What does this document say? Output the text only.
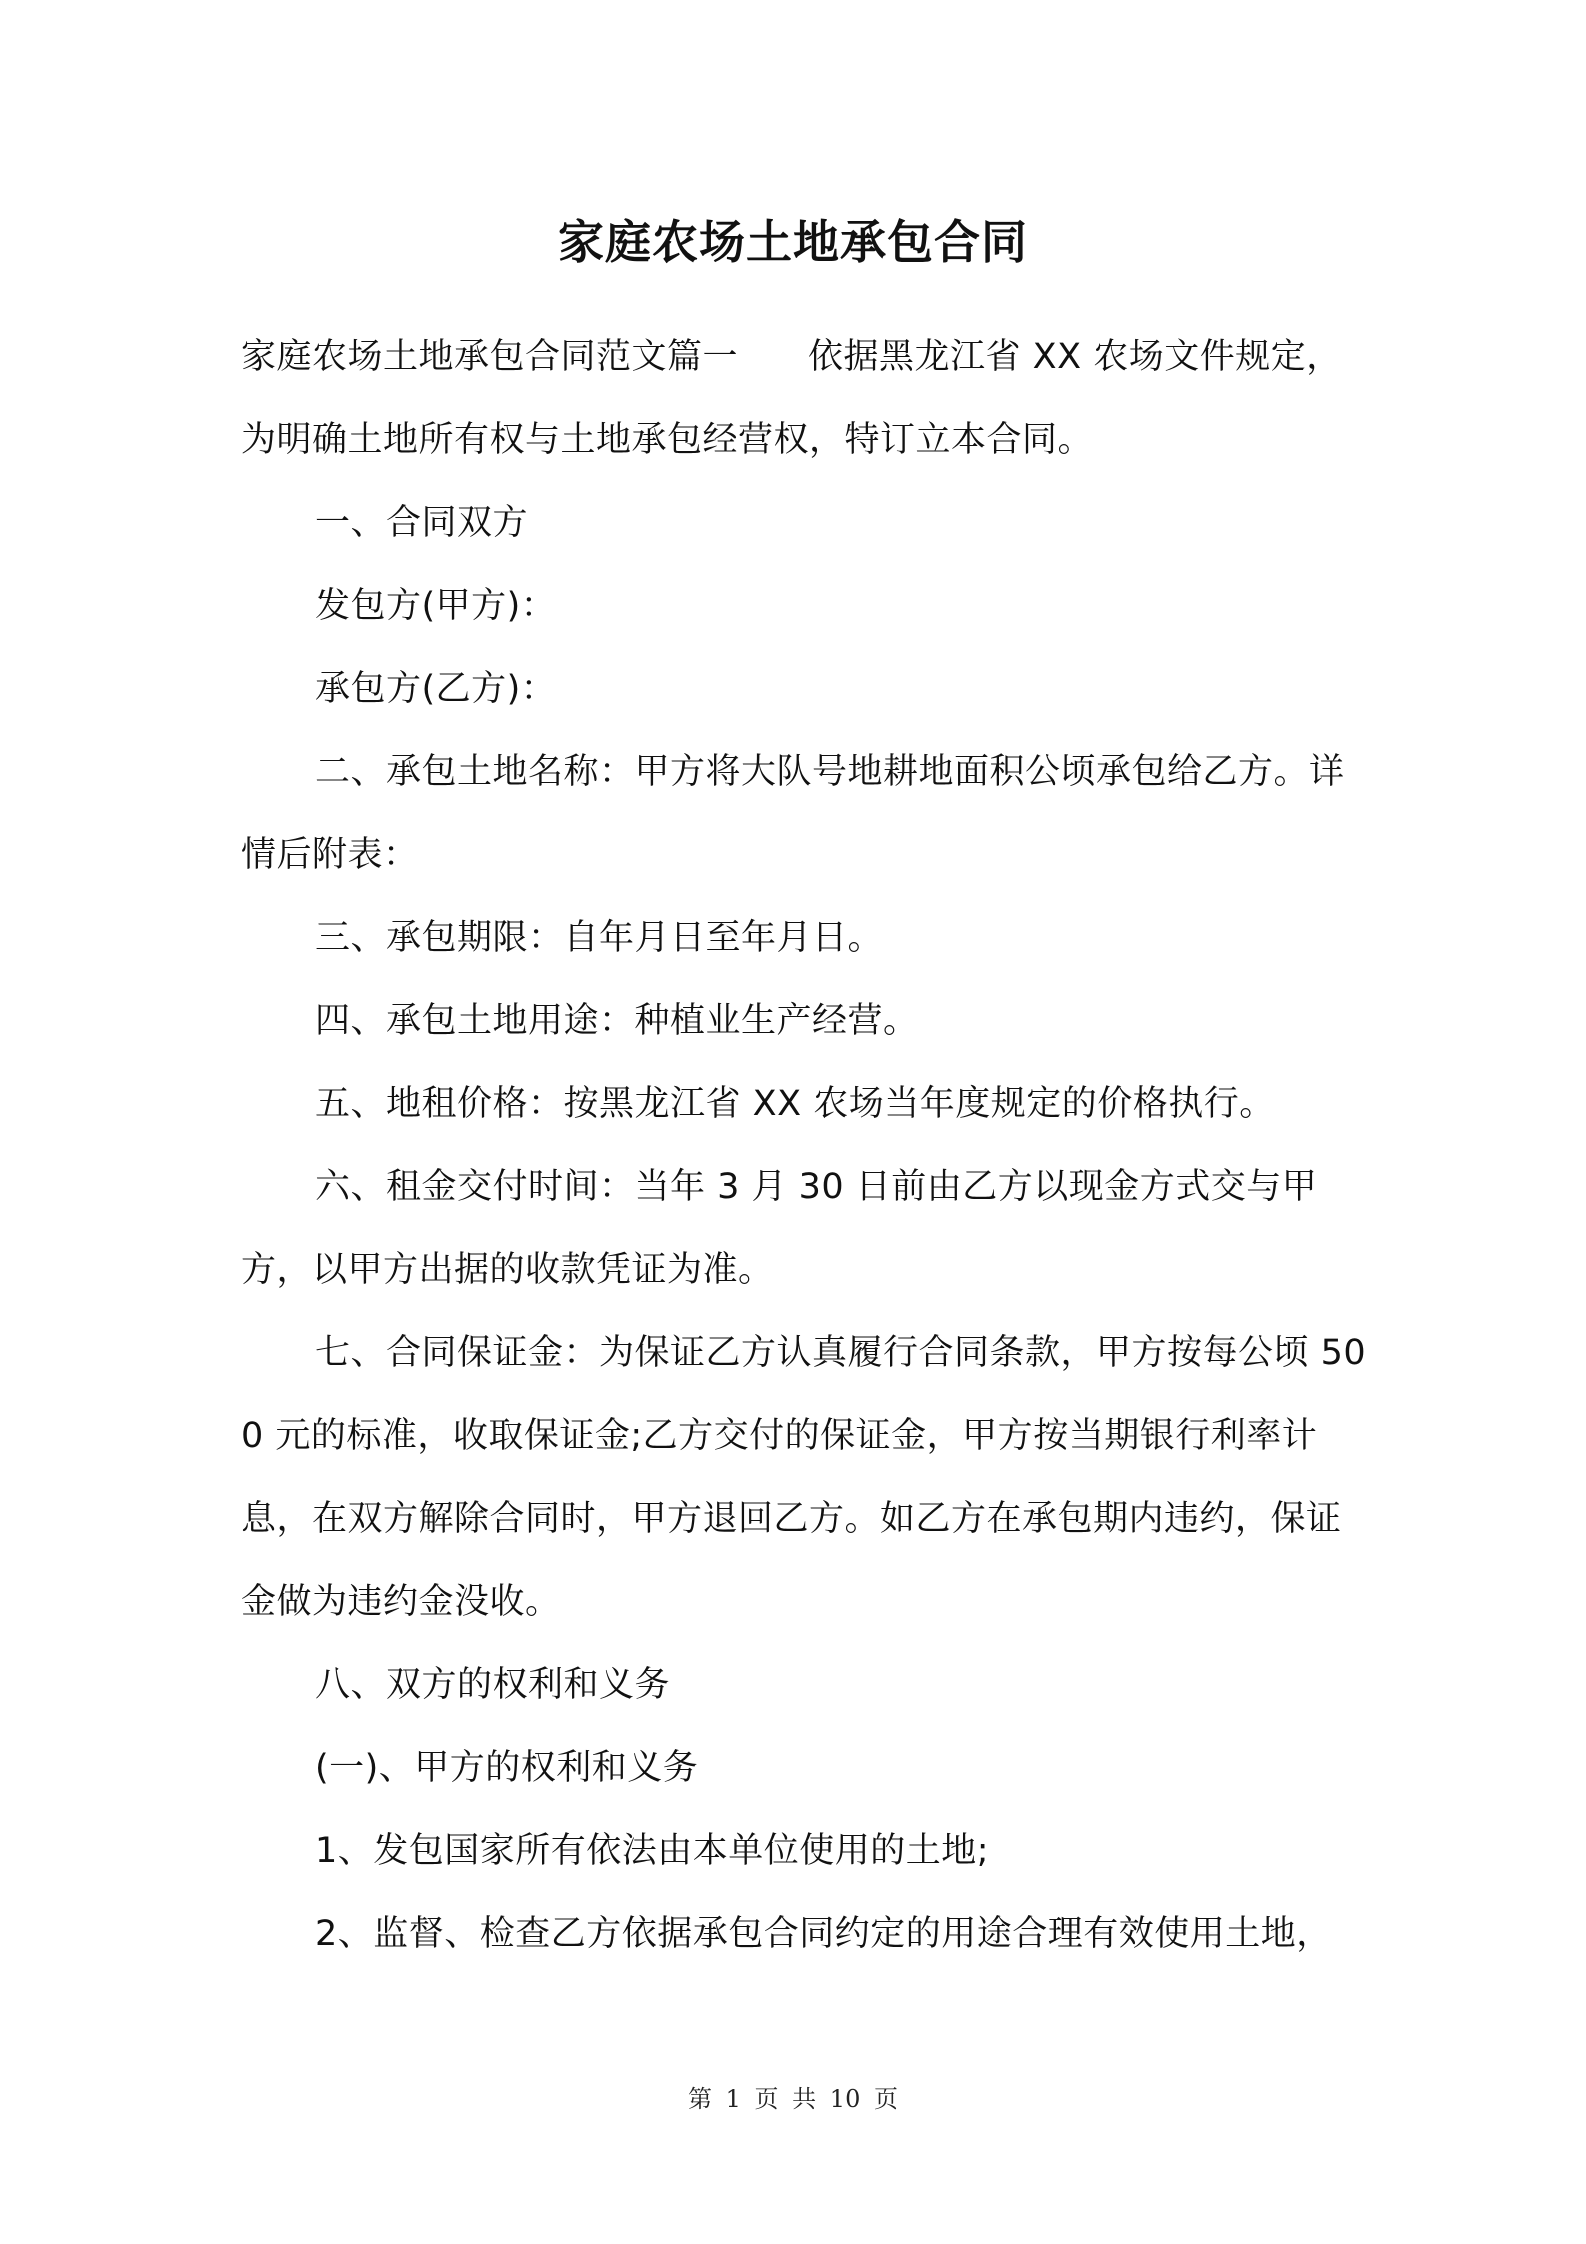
家庭农场土地承包合同

家庭农场土地承包合同范文篇一 依据黑龙江省 XX 农场文件规定，为明确土地所有权与土地承包经营权，特订立本合同。

一、合同双方

发包方(甲方)：

承包方(乙方)：

二、承包土地名称：甲方将大队号地耕地面积公顷承包给乙方。详情后附表：

三、承包期限：自年月日至年月日。

四、承包土地用途：种植业生产经营。

五、地租价格：按黑龙江省 XX 农场当年度规定的价格执行。

六、租金交付时间：当年 3 月 30 日前由乙方以现金方式交与甲方，以甲方出据的收款凭证为准。

七、合同保证金：为保证乙方认真履行合同条款，甲方按每公顷 500 元的标准，收取保证金;乙方交付的保证金，甲方按当期银行利率计息，在双方解除合同时，甲方退回乙方。如乙方在承包期内违约，保证金做为违约金没收。

八、双方的权利和义务

(一)、甲方的权利和义务

1、发包国家所有依法由本单位使用的土地;

2、监督、检查乙方依据承包合同约定的用途合理有效使用土地，

第 1 页 共 10 页
